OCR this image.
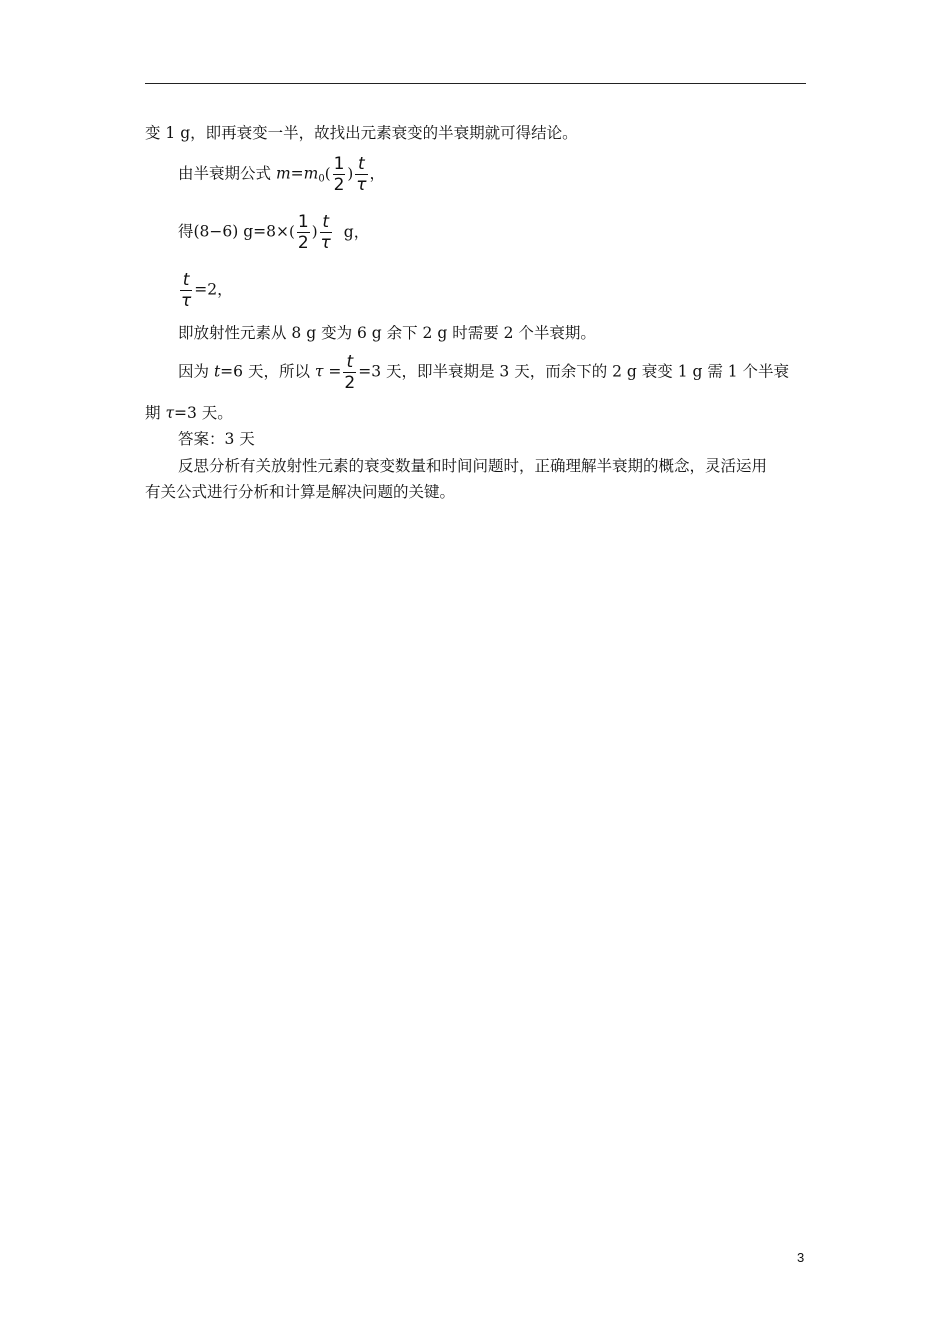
变 1 g，即再衰变一半，故找出元素衰变的半衰期就可得结论。
由半衰期公式 $m=m_0( \frac{1}{2}$ ) $\frac{t}{\tau}$ ，
得(8−6) $g=8\times( \frac{1}{2}$ ) $\frac{t}{\tau}$ g，
$\frac{t}{\tau} =2$，
即放射性元素从 8 g 变为 6 g 余下 2 g 时需要 2 个半衰期。
因为 t=6 天，所以 $\tau = \frac{t}{2} =3$ 天，即半衰期是 3 天，而余下的 2 g 衰变 1 g 需 1 个半衰
期 τ=3 天。
答案：3 天
反思分析有关放射性元素的衰变数量和时间问题时，正确理解半衰期的概念，灵活运用
有关公式进行分析和计算是解决问题的关键。
3
